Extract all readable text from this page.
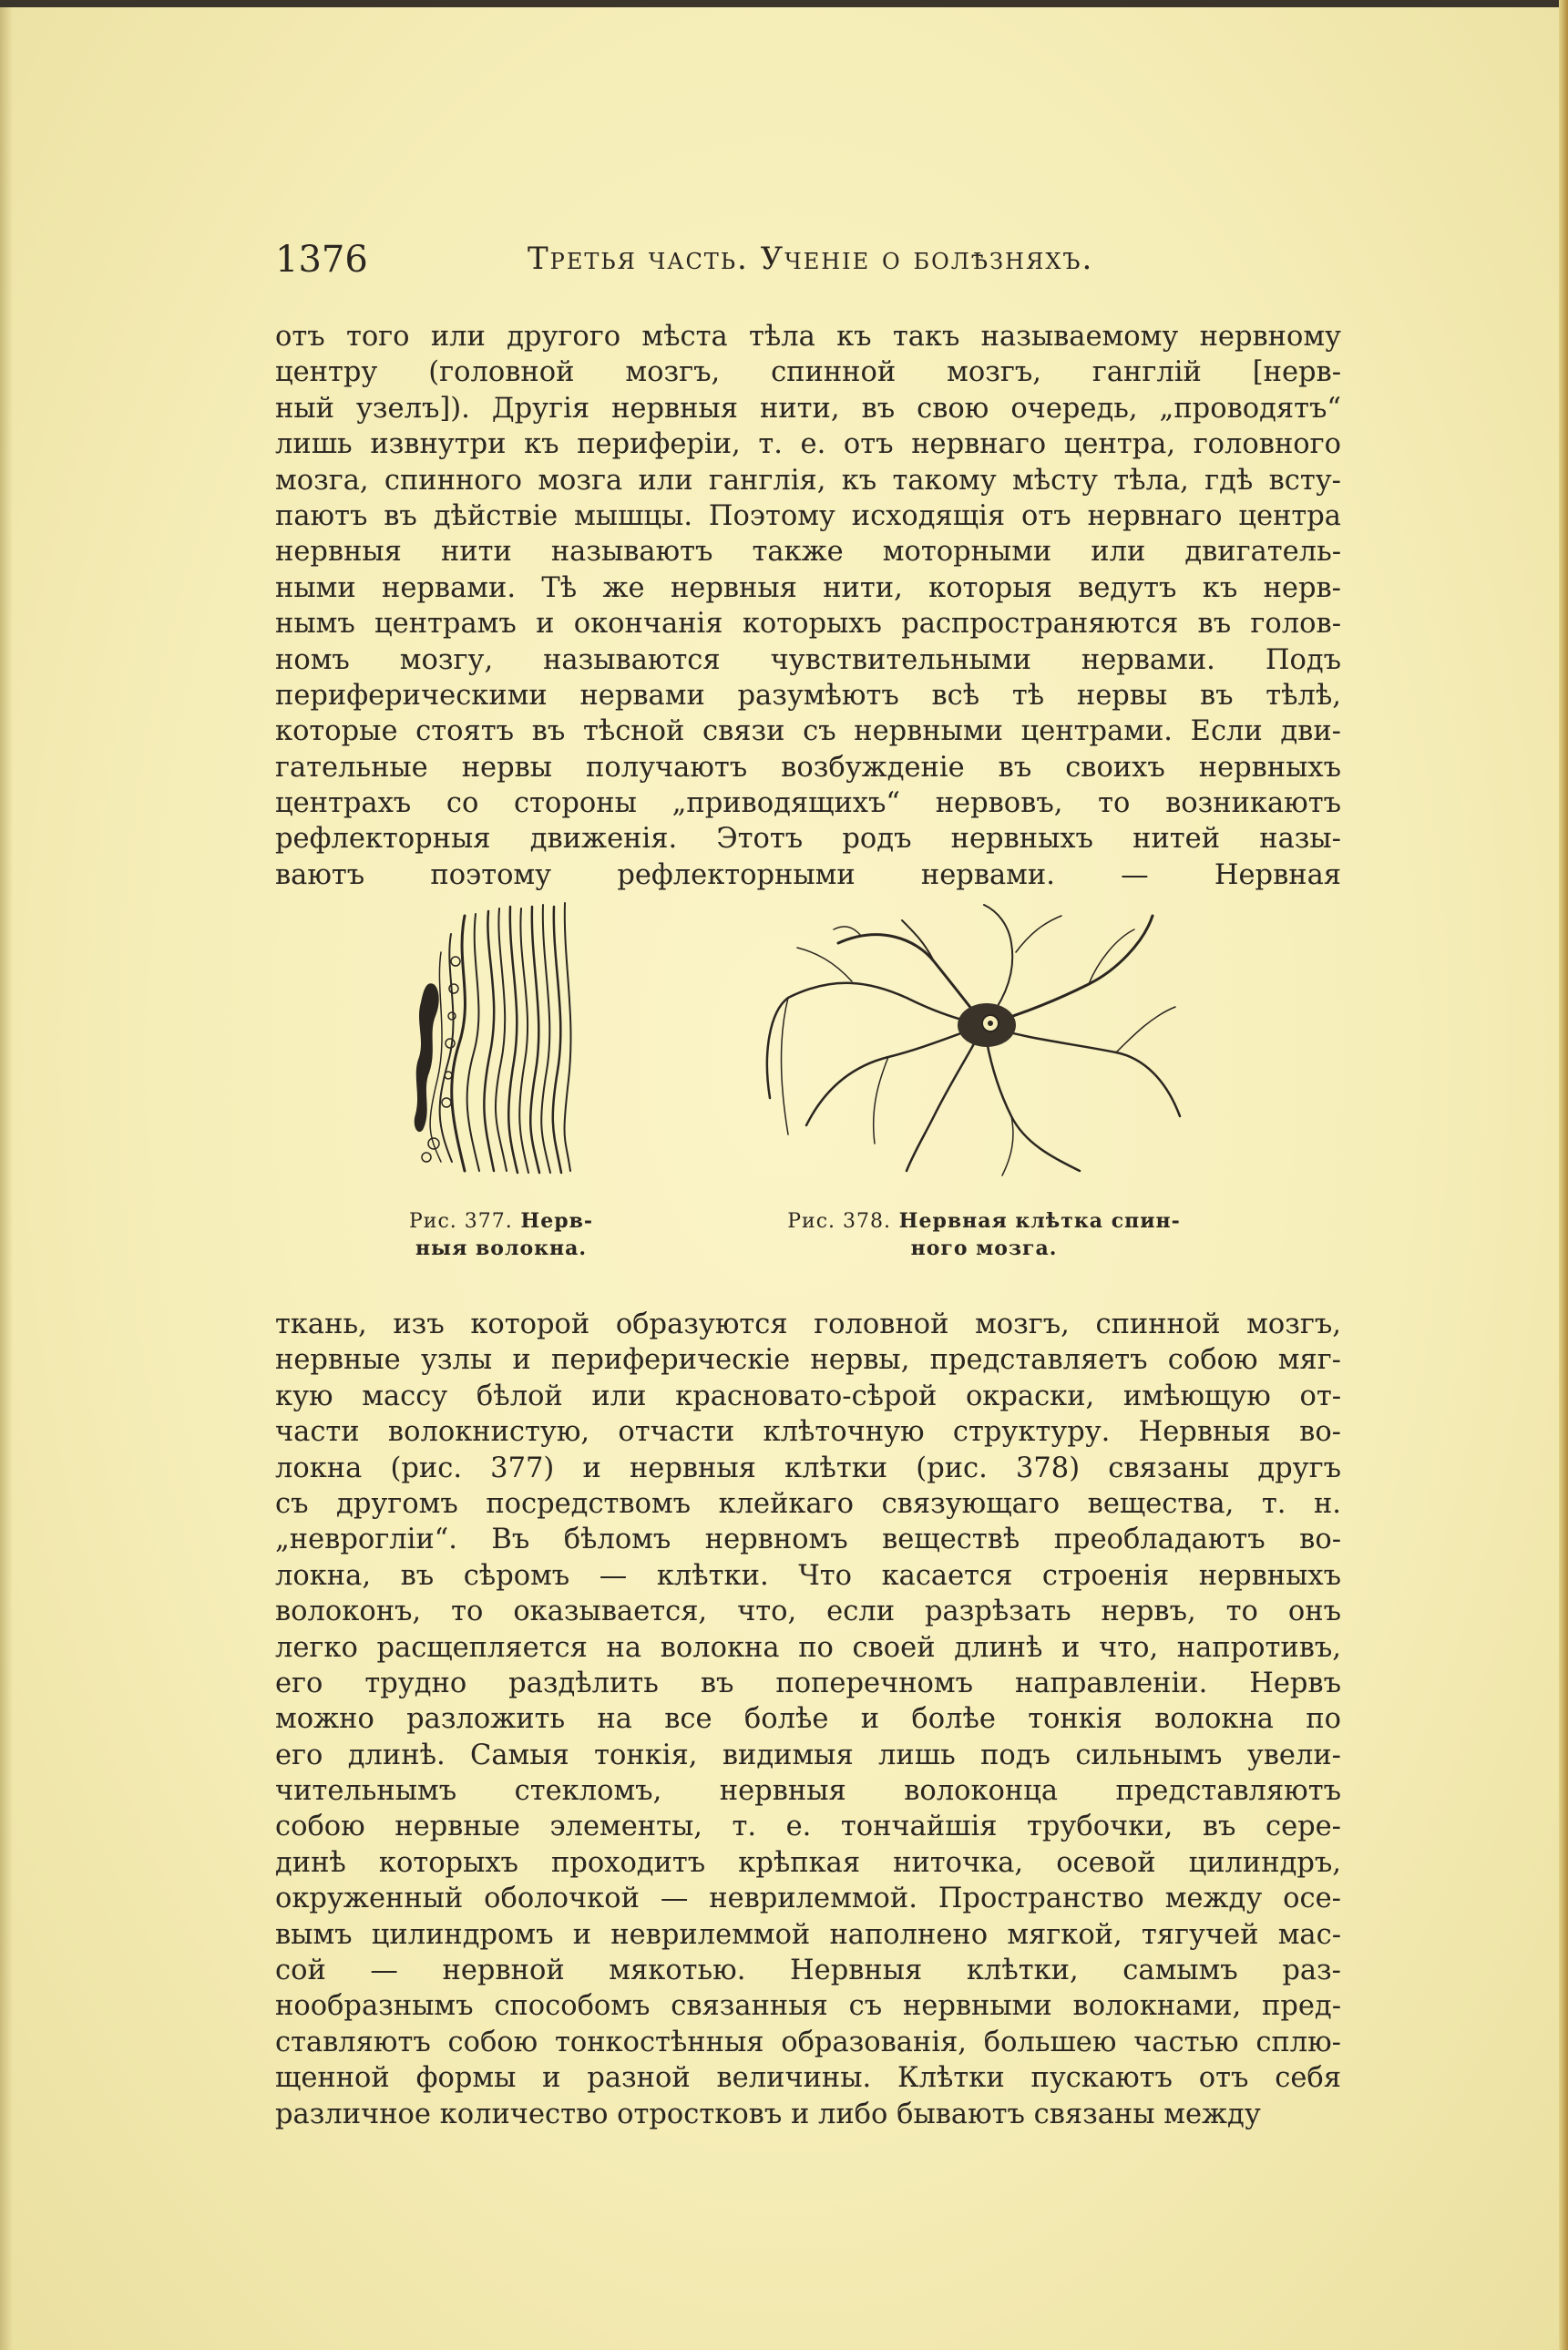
1376	Третья часть. Ученіе о болѣзняхъ.
отъ того или другого мѣста тѣла къ такъ называемому нервному
центру (головной мозгъ, спинной мозгъ, ганглій [нерв-
ный узелъ]). Другія нервныя нити, въ свою очередь, „проводятъ“
лишь извнутри къ периферіи, т. е. отъ нервнаго центра, головного
мозга, спинного мозга или ганглія, къ такому мѣсту тѣла, гдѣ всту-
паютъ въ дѣйствіе мышцы. Поэтому исходящія отъ нервнаго центра
нервныя нити называютъ также моторными или двигатель-
ными нервами. Тѣ же нервныя нити, которыя ведутъ къ нерв-
нымъ центрамъ и окончанія которыхъ распространяются въ голов-
номъ мозгу, называются чувствительными нервами. Подъ
периферическими нервами разумѣютъ всѣ тѣ нервы въ тѣлѣ,
которые стоятъ въ тѣсной связи съ нервными центрами. Если дви-
гательные нервы получаютъ возбужденіе въ своихъ нервныхъ
центрахъ со стороны „приводящихъ“ нервовъ, то возникаютъ
рефлекторныя движенія. Этотъ родъ нервныхъ нитей назы-
ваютъ поэтому рефлекторными нервами. — Нервная
Рис. 377. Нерв-
ныя волокна.
Рис. 378. Нервная клѣтка спин-
ного мозга.
ткань, изъ которой образуются головной мозгъ, спинной мозгъ,
нервные узлы и периферическіе нервы, представляетъ собою мяг-
кую массу бѣлой или красновато-сѣрой окраски, имѣющую от-
части волокнистую, отчасти клѣточную структуру. Нервныя во-
локна (рис. 377) и нервныя клѣтки (рис. 378) связаны другъ
съ другомъ посредствомъ клейкаго связующаго вещества, т. н.
„неврогліи“. Въ бѣломъ нервномъ веществѣ преобладаютъ во-
локна, въ сѣромъ — клѣтки. Что касается строенія нервныхъ
волоконъ, то оказывается, что, если разрѣзать нервъ, то онъ
легко расщепляется на волокна по своей длинѣ и что, напротивъ,
его трудно раздѣлить въ поперечномъ направленіи. Нервъ
можно разложить на все болѣе и болѣе тонкія волокна по
его длинѣ. Самыя тонкія, видимыя лишь подъ сильнымъ увели-
чительнымъ стекломъ, нервныя волоконца представляютъ
собою нервные элементы, т. е. тончайшія трубочки, въ сере-
динѣ которыхъ проходитъ крѣпкая ниточка, осевой цилиндръ,
окруженный оболочкой — неврилеммой. Пространство между осе-
вымъ цилиндромъ и неврилеммой наполнено мягкой, тягучей мас-
сой — нервной мякотью. Нервныя клѣтки, самымъ раз-
нообразнымъ способомъ связанныя съ нервными волокнами, пред-
ставляютъ собою тонкостѣнныя образованія, большею частью сплю-
щенной формы и разной величины. Клѣтки пускаютъ отъ себя
различное количество отростковъ и либо бываютъ связаны между
